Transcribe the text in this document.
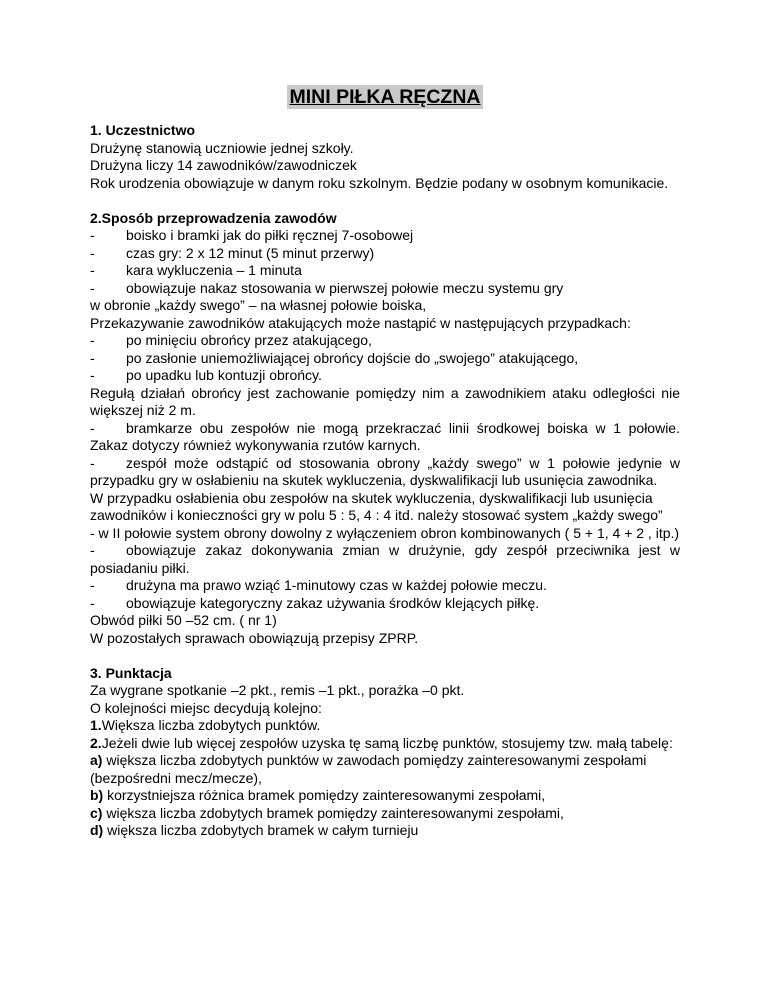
MINI PIŁKA RĘCZNA

1. Uczestnictwo

Drużynę stanowią uczniowie jednej szkoły.

Drużyna liczy 14 zawodników/zawodniczek

Rok urodzenia obowiązuje w danym roku szkolnym. Będzie podany w osobnym komunikacie.

2.Sposób przeprowadzenia zawodów

- boisko i bramki jak do piłki ręcznej 7-osobowej

- czas gry: 2 x 12 minut (5 minut przerwy)

- kara wykluczenia – 1 minuta

- obowiązuje nakaz stosowania w pierwszej połowie meczu systemu gry

w obronie „każdy swego” – na własnej połowie boiska,

Przekazywanie zawodników atakujących może nastąpić w następujących przypadkach:

- po minięciu obrońcy przez atakującego,

- po zasłonie uniemożliwiającej obrońcy dojście do „swojego” atakującego,

- po upadku lub kontuzji obrońcy.

Regułą działań obrońcy jest zachowanie pomiędzy nim a zawodnikiem ataku odległości nie większej niż 2 m.

- bramkarze obu zespołów nie mogą przekraczać linii środkowej boiska w 1 połowie. Zakaz dotyczy również wykonywania rzutów karnych.

- zespół może odstąpić od stosowania obrony „każdy swego” w 1 połowie jedynie w przypadku gry w osłabieniu na skutek wykluczenia, dyskwalifikacji lub usunięcia zawodnika.

W przypadku osłabienia obu zespołów na skutek wykluczenia, dyskwalifikacji lub usunięcia zawodników i konieczności gry w polu 5 : 5, 4 : 4 itd. należy stosować system „każdy swego”

- w II połowie system obrony dowolny z wyłączeniem obron kombinowanych ( 5 + 1, 4 + 2 , itp.)

- obowiązuje zakaz dokonywania zmian w drużynie, gdy zespół przeciwnika jest w posiadaniu piłki.

- drużyna ma prawo wziąć 1-minutowy czas w każdej połowie meczu.

- obowiązuje kategoryczny zakaz używania środków klejących piłkę.

Obwód piłki 50 –52 cm. ( nr 1)

W pozostałych sprawach obowiązują przepisy ZPRP.

3. Punktacja

Za wygrane spotkanie –2 pkt., remis –1 pkt., porażka –0 pkt.

O kolejności miejsc decydują kolejno:

1.Większa liczba zdobytych punktów.

2.Jeżeli dwie lub więcej zespołów uzyska tę samą liczbę punktów, stosujemy tzw. małą tabelę:

a) większa liczba zdobytych punktów w zawodach pomiędzy zainteresowanymi zespołami (bezpośredni mecz/mecze),

b) korzystniejsza różnica bramek pomiędzy zainteresowanymi zespołami,

c) większa liczba zdobytych bramek pomiędzy zainteresowanymi zespołami,

d) większa liczba zdobytych bramek w całym turnieju
